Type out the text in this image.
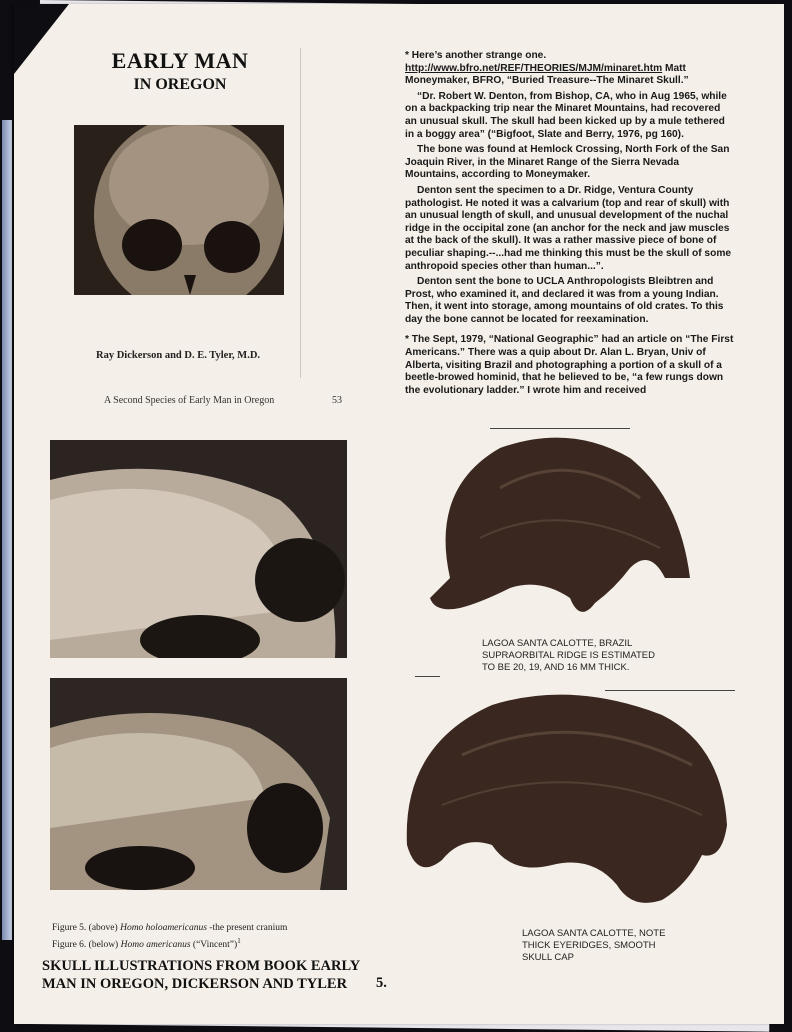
EARLY MAN
IN OREGON
Ray Dickerson and D. E. Tyler, M.D.
A Second Species of Early Man in Oregon	53

* Here’s another strange one.
http://www.bfro.net/REF/THEORIES/MJM/minaret.htm Matt Moneymaker, BFRO, “Buried Treasure--The Minaret Skull.”

“Dr. Robert W. Denton, from Bishop, CA, who in Aug 1965, while on a backpacking trip near the Minaret Mountains, had recovered an unusual skull. The skull had been kicked up by a mule tethered in a boggy area” (“Bigfoot, Slate and Berry, 1976, pg 160).

The bone was found at Hemlock Crossing, North Fork of the San Joaquin River, in the Minaret Range of the Sierra Nevada Mountains, according to Moneymaker.

Denton sent the specimen to a Dr. Ridge, Ventura County pathologist. He noted it was a calvarium (top and rear of skull) with an unusual length of skull, and unusual development of the nuchal ridge in the occipital zone (an anchor for the neck and jaw muscles at the back of the skull). It was a rather massive piece of bone of peculiar shaping.--...had me thinking this must be the skull of some anthropoid species other than human...”.

Denton sent the bone to UCLA Anthropologists Bleibtren and Prost, who examined it, and declared it was from a young Indian. Then, it went into storage, among mountains of old crates. To this day the bone cannot be located for reexamination.

* The Sept, 1979, “National Geographic” had an article on “The First Americans.” There was a quip about Dr. Alan L. Bryan, Univ of Alberta, visiting Brazil and photographing a portion of a skull of a beetle-browed hominid, that he believed to be, “a few rungs down the evolutionary ladder.” I wrote him and received

Figure 5. (above) Homo holoamericanus -the present cranium
Figure 6. (below) Homo americanus (“Vincent”)$^1$
SKULL ILLUSTRATIONS FROM BOOK EARLY
MAN IN OREGON, DICKERSON AND TYLER	5.
LAGOA SANTA CALOTTE, BRAZIL
SUPRAORBITAL RIDGE IS ESTIMATED
TO BE 20, 19, AND 16 MM THICK.
LAGOA SANTA CALOTTE, NOTE
THICK EYERIDGES, SMOOTH
SKULL CAP
